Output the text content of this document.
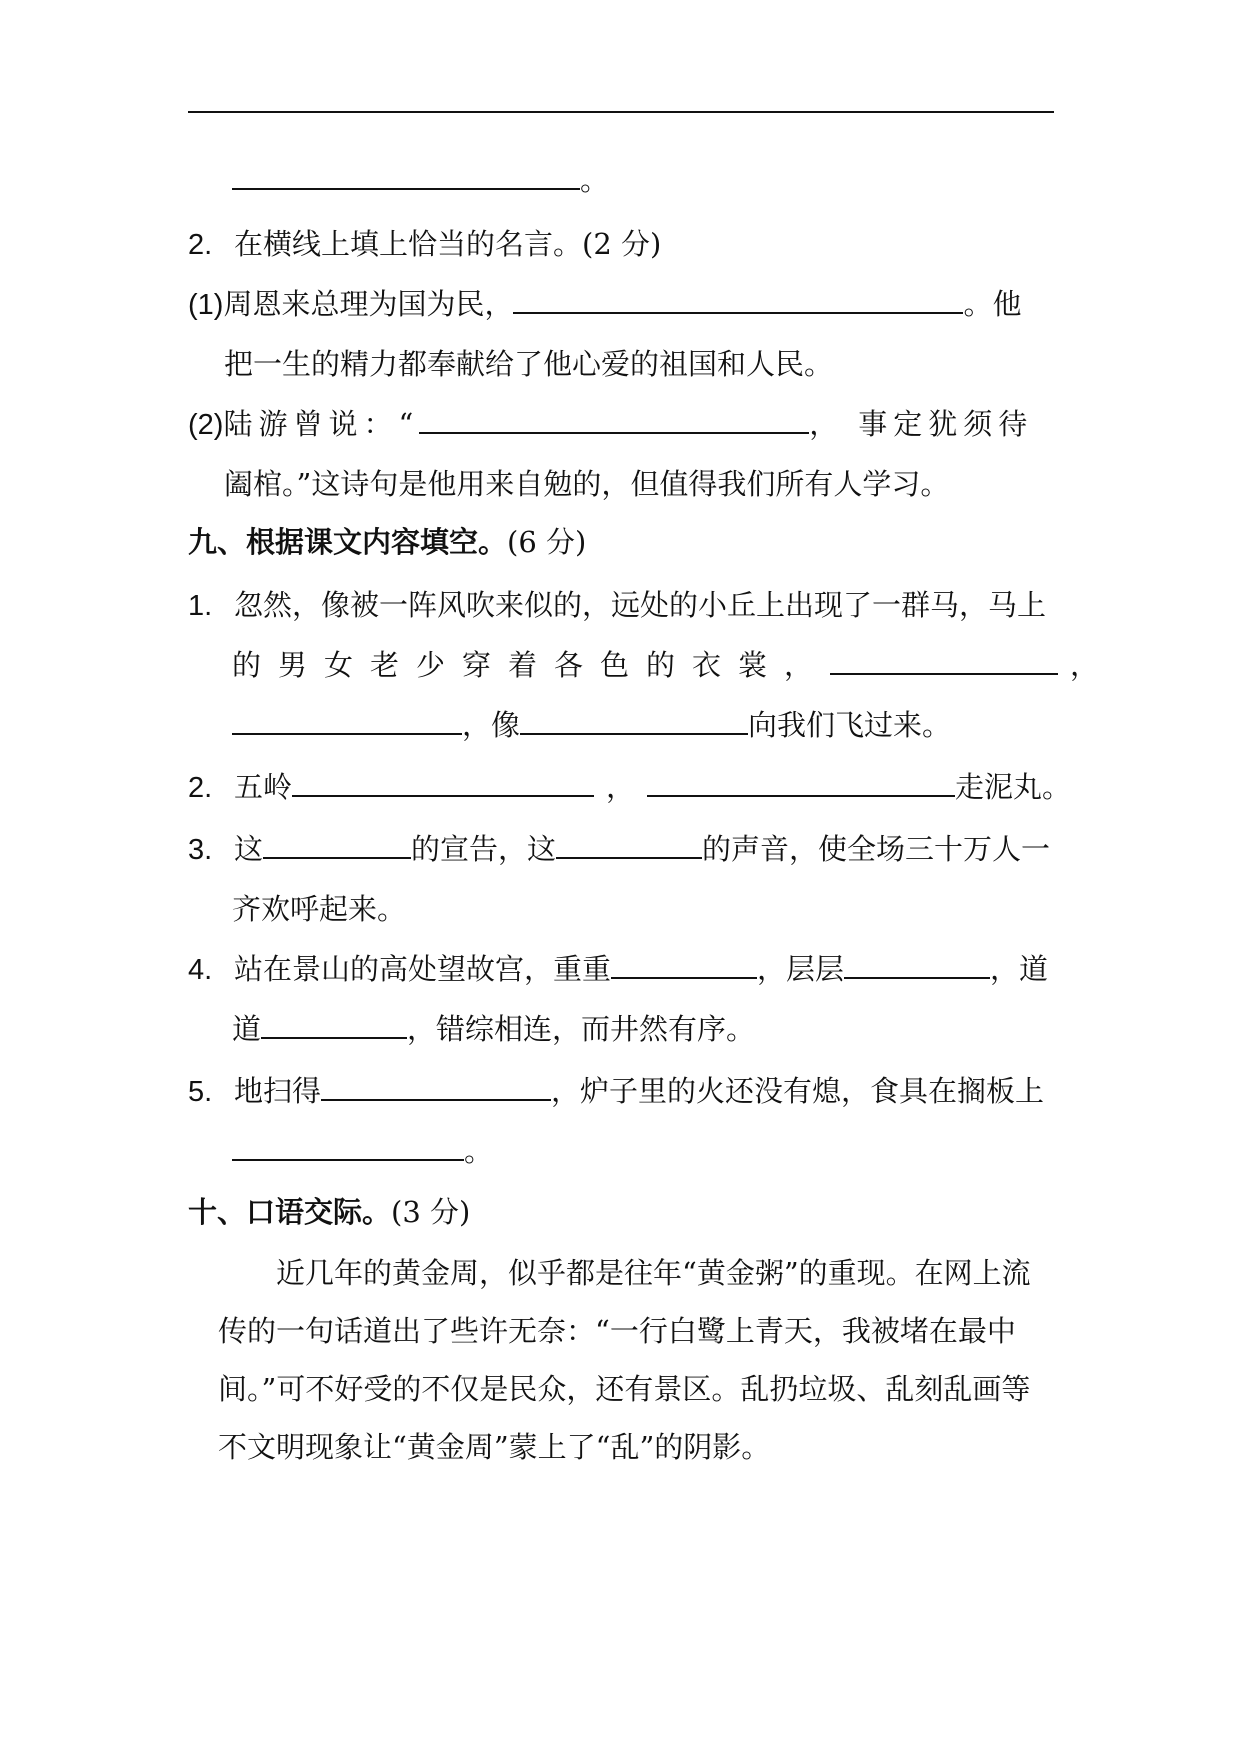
。
2. 在横线上填上恰当的名言。(2 分)
(1)周恩来总理为国为民，	。他
把一生的精力都奉献给了他心爱的祖国和人民。
(2)陆游曾说：“	， 事定犹须待
阖棺。”这诗句是他用来自勉的，但值得我们所有人学习。
九、根据课文内容填空。(6 分)
1. 忽然，像被一阵风吹来似的，远处的小丘上出现了一群马，马上
的男女老少穿着各色的衣裳，	，
，像	向我们飞过来。
2. 五岭	，	走泥丸。
3. 这	的宣告，这	的声音，使全场三十万人一
齐欢呼起来。
4. 站在景山的高处望故宫，重重	，层层	，道
道	，错综相连，而井然有序。
5. 地扫得	，炉子里的火还没有熄，食具在搁板上
。
十、口语交际。(3 分)
近几年的黄金周，似乎都是往年“黄金粥”的重现。在网上流
传的一句话道出了些许无奈：“一行白鹭上青天，我被堵在最中
间。”可不好受的不仅是民众，还有景区。乱扔垃圾、乱刻乱画等
不文明现象让“黄金周”蒙上了“乱”的阴影。
